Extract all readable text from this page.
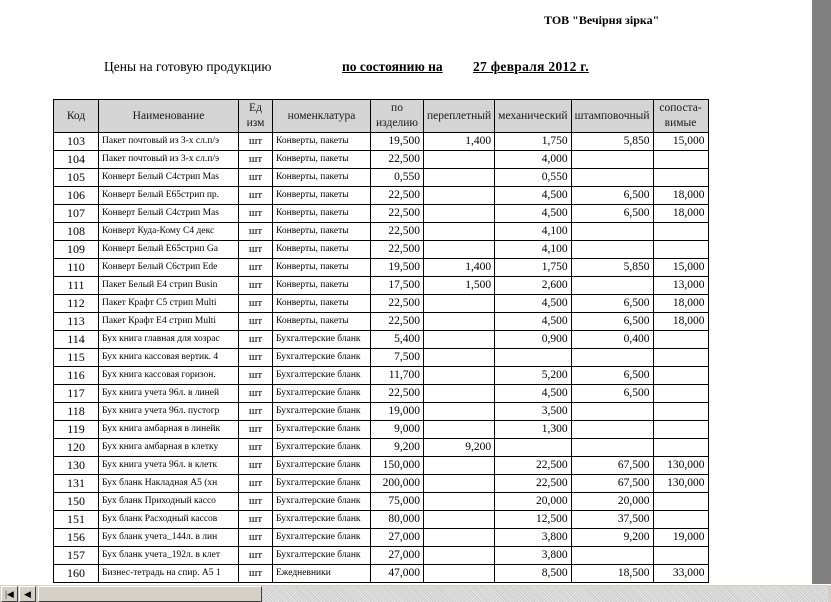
ТОВ "Вечірня зірка"
Цены на готовую продукцию	по состоянию на 27 февраля 2012 г.
Код	Наименование	Ед изм	номенклатура	по изделию	переплетный	механический	штамповочный	сопоста-вимые
103	Пакет почтовый из 3-х сл.п/э	шт	Конверты, пакеты	19,500	1,400	1,750	5,850	15,000
104	Пакет почтовый из 3-х сл.п/э	шт	Конверты, пакеты	22,500		4,000		
105	Конверт Белый С4стрип Mas	шт	Конверты, пакеты	0,550		0,550		
106	Конверт Белый Е65стрип пр.	шт	Конверты, пакеты	22,500		4,500	6,500	18,000
107	Конверт Белый С4стрип Mas	шт	Конверты, пакеты	22,500		4,500	6,500	18,000
108	Конверт Куда-Кому С4 декс	шт	Конверты, пакеты	22,500		4,100		
109	Конверт Белый Е65стрип Ga	шт	Конверты, пакеты	22,500		4,100		
110	Конверт Белый С6стрип Ede	шт	Конверты, пакеты	19,500	1,400	1,750	5,850	15,000
111	Пакет Белый Е4 стрип Busin	шт	Конверты, пакеты	17,500	1,500	2,600		13,000
112	Пакет Крафт С5 стрип Multi	шт	Конверты, пакеты	22,500		4,500	6,500	18,000
113	Пакет Крафт Е4 стрип Multi	шт	Конверты, пакеты	22,500		4,500	6,500	18,000
114	Бух книга главная для хозрас	шт	Бухгалтерские бланк	5,400		0,900	0,400	
115	Бух книга кассовая вертик. 4	шт	Бухгалтерские бланк	7,500				
116	Бух книга кассовая горизон.	шт	Бухгалтерские бланк	11,700		5,200	6,500	
117	Бух книга учета 96л. в линей	шт	Бухгалтерские бланк	22,500		4,500	6,500	
118	Бух книга учета 96л. пустогр	шт	Бухгалтерские бланк	19,000		3,500		
119	Бух книга амбарная в линейк	шт	Бухгалтерские бланк	9,000		1,300		
120	Бух книга амбарная в клетку	шт	Бухгалтерские бланк	9,200	9,200			
130	Бух книга учета 96л. в клетк	шт	Бухгалтерские бланк	150,000		22,500	67,500	130,000
131	Бух бланк Накладная А5 (хн	шт	Бухгалтерские бланк	200,000		22,500	67,500	130,000
150	Бух бланк Приходный кассо	шт	Бухгалтерские бланк	75,000		20,000	20,000	
151	Бух бланк Расходный кассов	шт	Бухгалтерские бланк	80,000		12,500	37,500	
156	Бух бланк учета_144л. в лин	шт	Бухгалтерские бланк	27,000		3,800	9,200	19,000
157	Бух бланк учета_192л. в клет	шт	Бухгалтерские бланк	27,000		3,800		
160	Бизнес-тетрадь на спир. А5 1	шт	Ежедневники	47,000		8,500	18,500	33,000
|◀	◀
